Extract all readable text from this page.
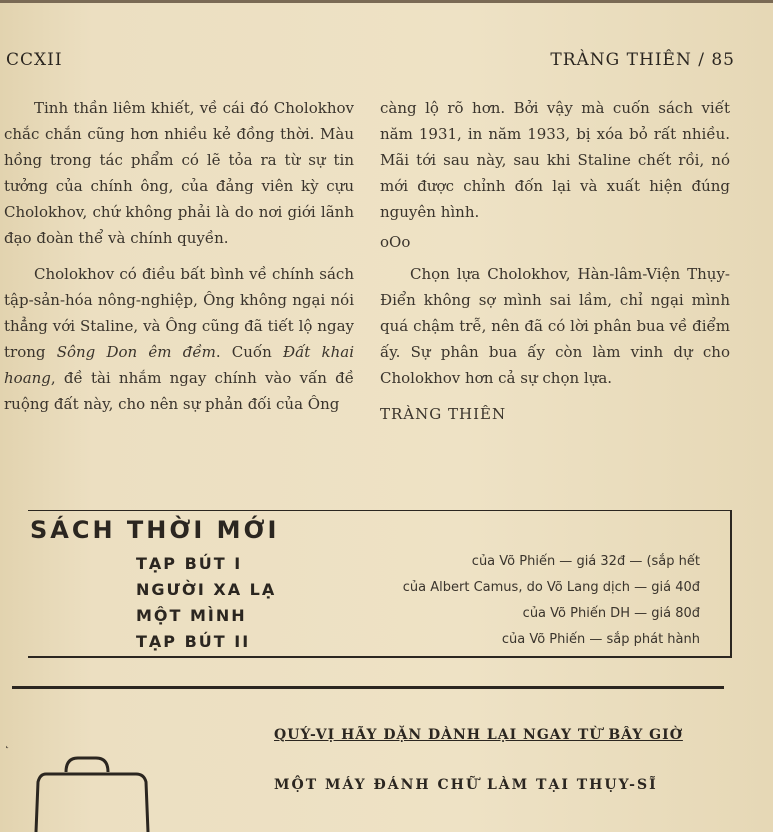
CCXII	TRÀNG THIÊN / 85

Tinh thần liêm khiết, về cái đó Cholokhov chắc chắn cũng hơn nhiều kẻ đồng thời. Màu hồng trong tác phẩm có lẽ tỏa ra từ sự tin tưởng của chính ông, của đảng viên kỳ cựu Cholokhov, chứ không phải là do nơi giới lãnh đạo đoàn thể và chính quyền.

Cholokhov có điều bất bình về chính sách tập-sản-hóa nông-nghiệp, Ông không ngại nói thẳng với Staline, và Ông cũng đã tiết lộ ngay trong Sông Don êm đềm. Cuốn Đất khai hoang, đề tài nhắm ngay chính vào vấn đề ruộng đất này, cho nên sự phản đối của Ông

càng lộ rõ hơn. Bởi vậy mà cuốn sách viết năm 1931, in năm 1933, bị xóa bỏ rất nhiều. Mãi tới sau này, sau khi Staline chết rồi, nó mới được chỉnh đốn lại và xuất hiện đúng nguyên hình.

oOo

Chọn lựa Cholokhov, Hàn-lâm-Viện Thụy-Điển không sợ mình sai lầm, chỉ ngại mình quá chậm trễ, nên đã có lời phân bua về điểm ấy. Sự phân bua ấy còn làm vinh dự cho Cholokhov hơn cả sự chọn lựa.

TRÀNG THIÊN

SÁCH THỜI MỚI
TẠP BÚT I	của Võ Phiến — giá 32đ — (sắp hết
NGƯỜI XA LẠ	của Albert Camus, do Võ Lang dịch — giá 40đ
MỘT MÌNH	của Võ Phiến DH — giá 80đ
TẠP BÚT II	của Võ Phiến — sắp phát hành
˛	QUÝ-VỊ HÃY DẶN DÀNH LẠI NGAY TỪ BÂY GIỜ
MỘT MÁY ĐÁNH CHỮ LÀM TẠI THỤY-SĨ
